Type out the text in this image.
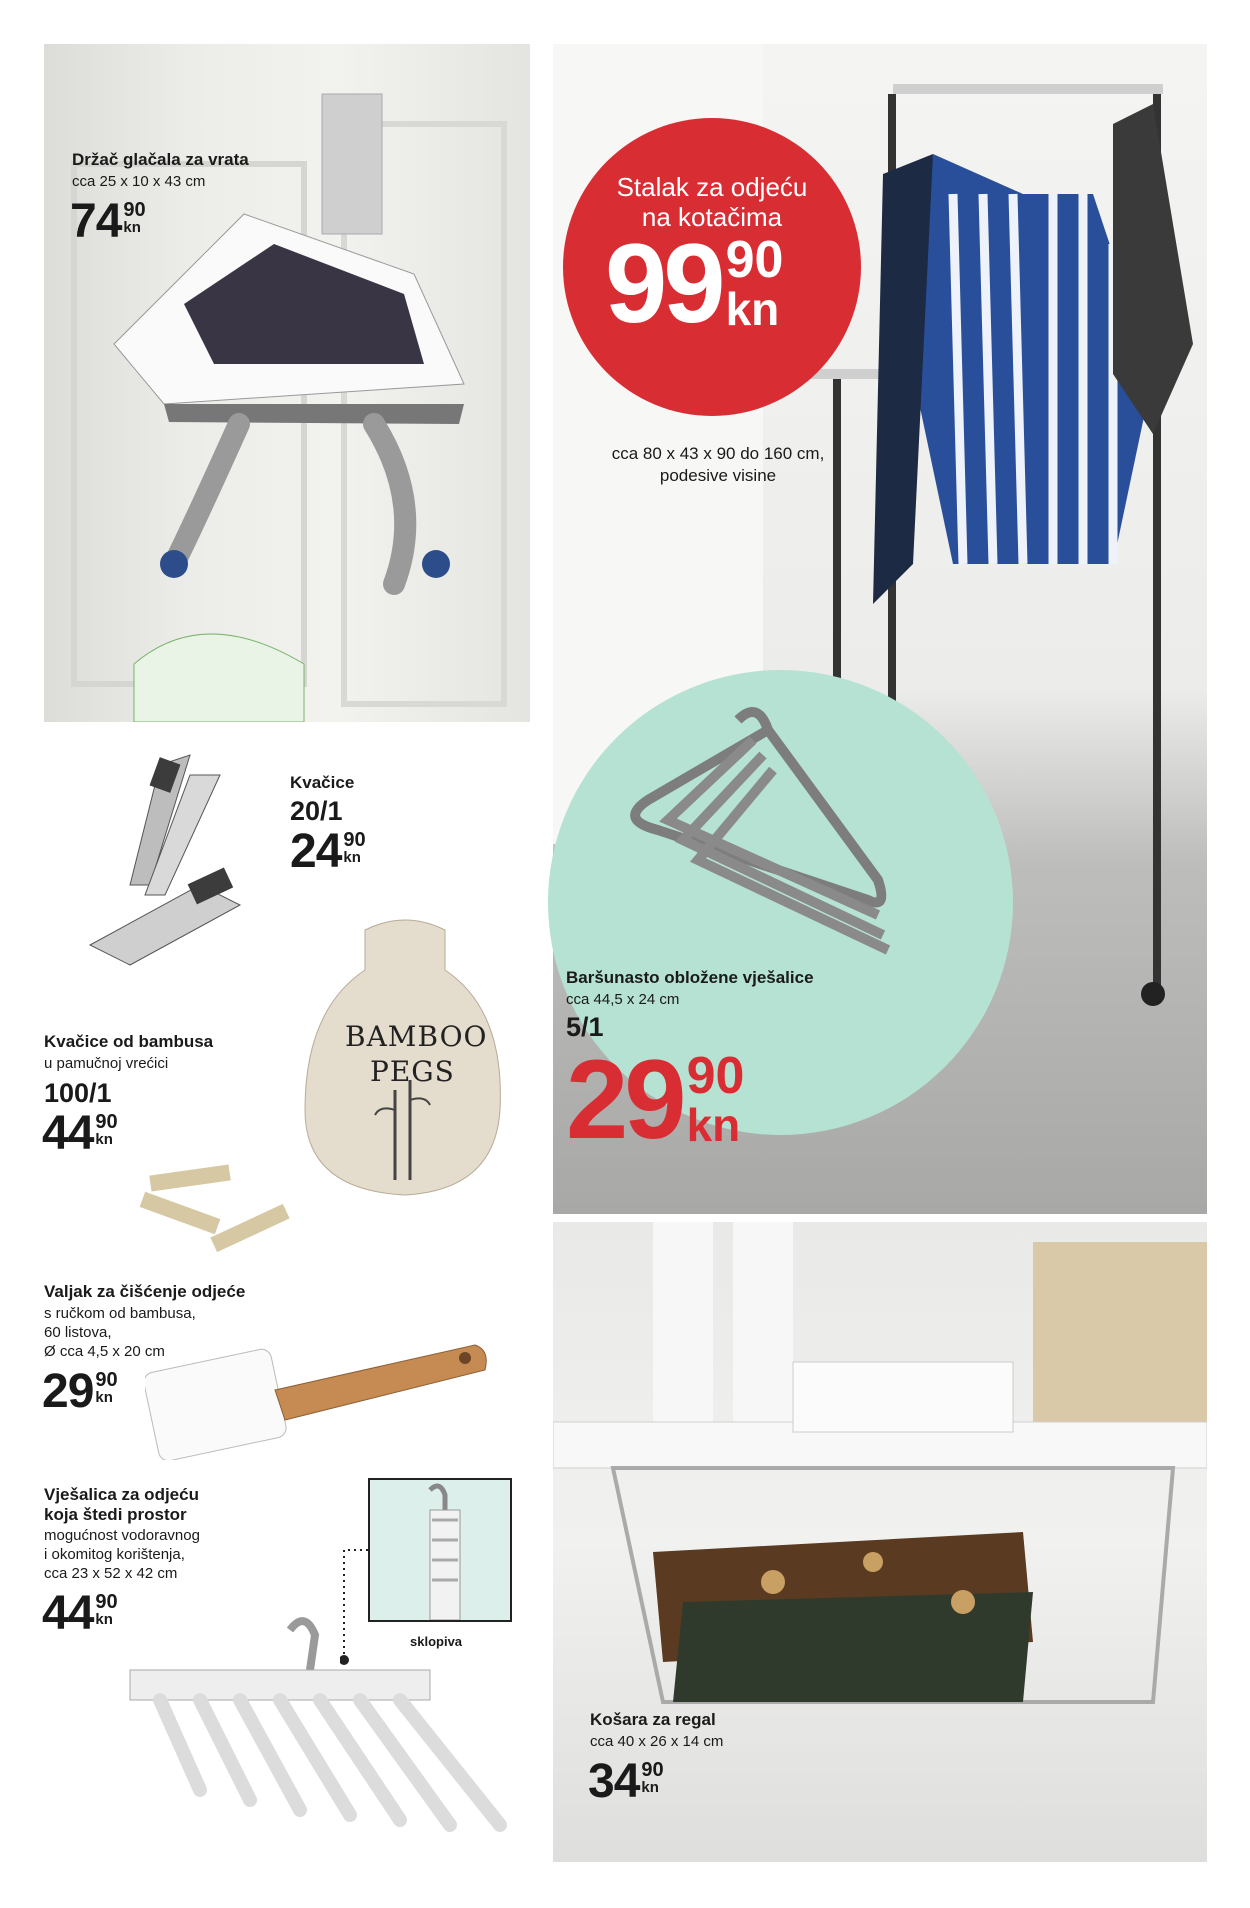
Stalak za odjeću
na kotačima
99 90
kn
cca 80 x 43 x 90 do 160 cm,
podesive visine
Baršunasto obložene vješalice
cca 44,5 x 24 cm
5/1
29 90
kn
Držač glačala za vrata
cca 25 x 10 x 43 cm
74 90
kn
Kvačice
20/1
24 90
kn
BAMBOO
PEGS
Kvačice od bambusa
u pamučnoj vrećici
100/1
44 90
kn
Valjak za čišćenje odjeće
s ručkom od bambusa,
60 listova,
Ø cca 4,5 x 20 cm
29 90
kn
sklopiva
Vješalica za odjeću
koja štedi prostor
mogućnost vodoravnog
i okomitog korištenja,
cca 23 x 52 x 42 cm
44 90
kn
Košara za regal
cca 40 x 26 x 14 cm
34 90
kn
